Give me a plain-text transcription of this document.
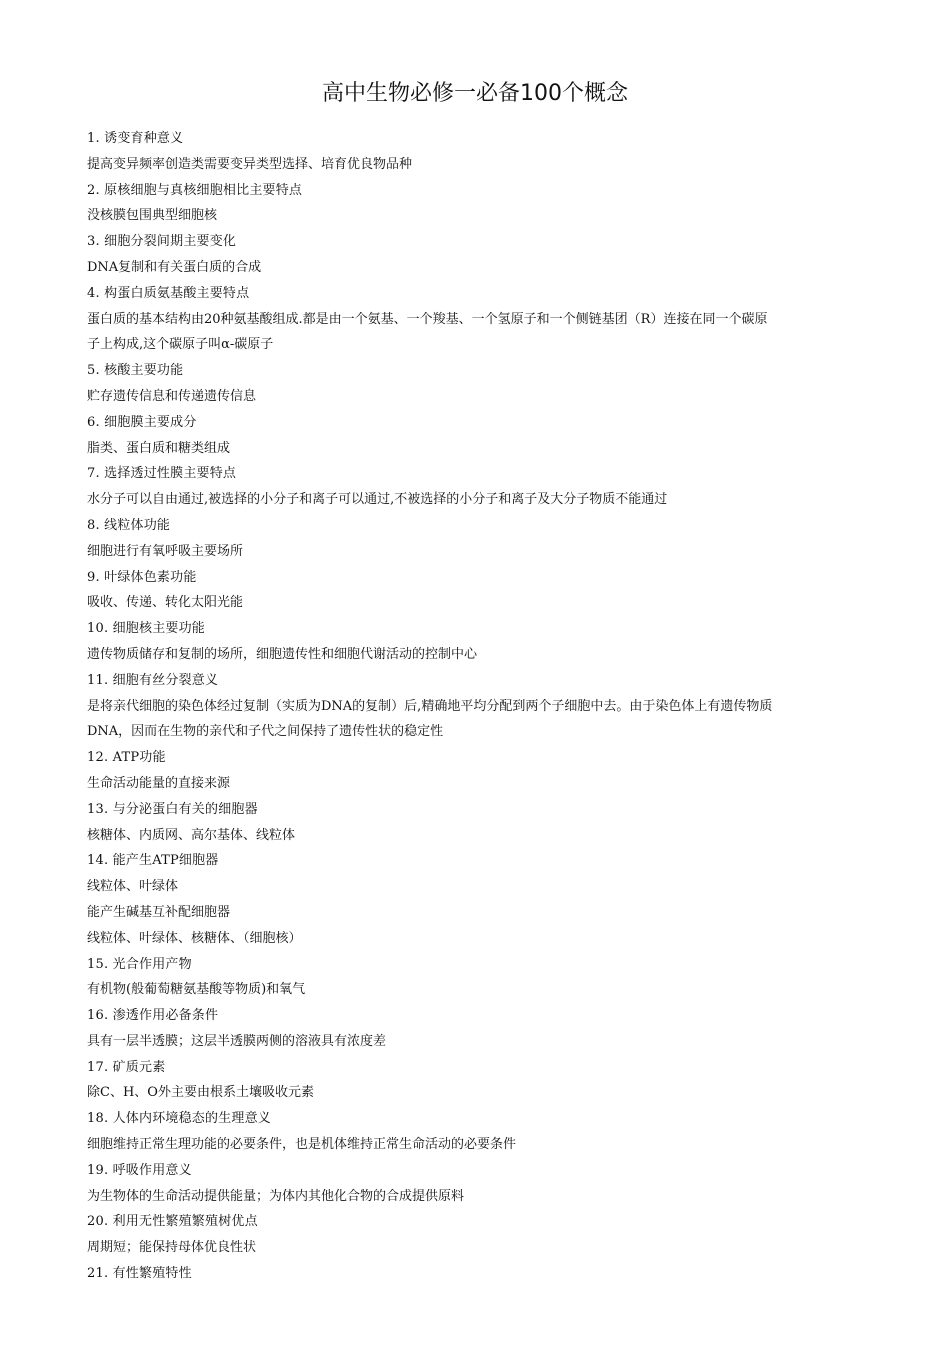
高中生物必修一必备100个概念
1. 诱变育种意义
提高变异频率创造类需要变异类型选择、培育优良物品种
2. 原核细胞与真核细胞相比主要特点
没核膜包围典型细胞核
3. 细胞分裂间期主要变化
DNA复制和有关蛋白质的合成
4. 构蛋白质氨基酸主要特点
蛋白质的基本结构由20种氨基酸组成.都是由一个氨基、一个羧基、一个氢原子和一个侧链基团（R）连接在同一个碳原
子上构成,这个碳原子叫α-碳原子
5. 核酸主要功能
贮存遗传信息和传递遗传信息
6. 细胞膜主要成分
脂类、蛋白质和糖类组成
7. 选择透过性膜主要特点
水分子可以自由通过,被选择的小分子和离子可以通过,不被选择的小分子和离子及大分子物质不能通过
8. 线粒体功能
细胞进行有氧呼吸主要场所
9. 叶绿体色素功能
吸收、传递、转化太阳光能
10. 细胞核主要功能
遗传物质储存和复制的场所，细胞遗传性和细胞代谢活动的控制中心
11. 细胞有丝分裂意义
是将亲代细胞的染色体经过复制（实质为DNA的复制）后,精确地平均分配到两个子细胞中去。由于染色体上有遗传物质
DNA，因而在生物的亲代和子代之间保持了遗传性状的稳定性
12. ATP功能
生命活动能量的直接来源
13. 与分泌蛋白有关的细胞器
核糖体、内质网、高尔基体、线粒体
14. 能产生ATP细胞器
线粒体、叶绿体
能产生碱基互补配细胞器
线粒体、叶绿体、核糖体、（细胞核）
15. 光合作用产物
有机物(般葡萄糖氨基酸等物质)和氧气
16. 渗透作用必备条件
具有一层半透膜；这层半透膜两侧的溶液具有浓度差
17. 矿质元素
除C、H、O外主要由根系土壤吸收元素
18. 人体内环境稳态的生理意义
细胞维持正常生理功能的必要条件，也是机体维持正常生命活动的必要条件
19. 呼吸作用意义
为生物体的生命活动提供能量；为体内其他化合物的合成提供原料
20. 利用无性繁殖繁殖树优点
周期短；能保持母体优良性状
21. 有性繁殖特性
